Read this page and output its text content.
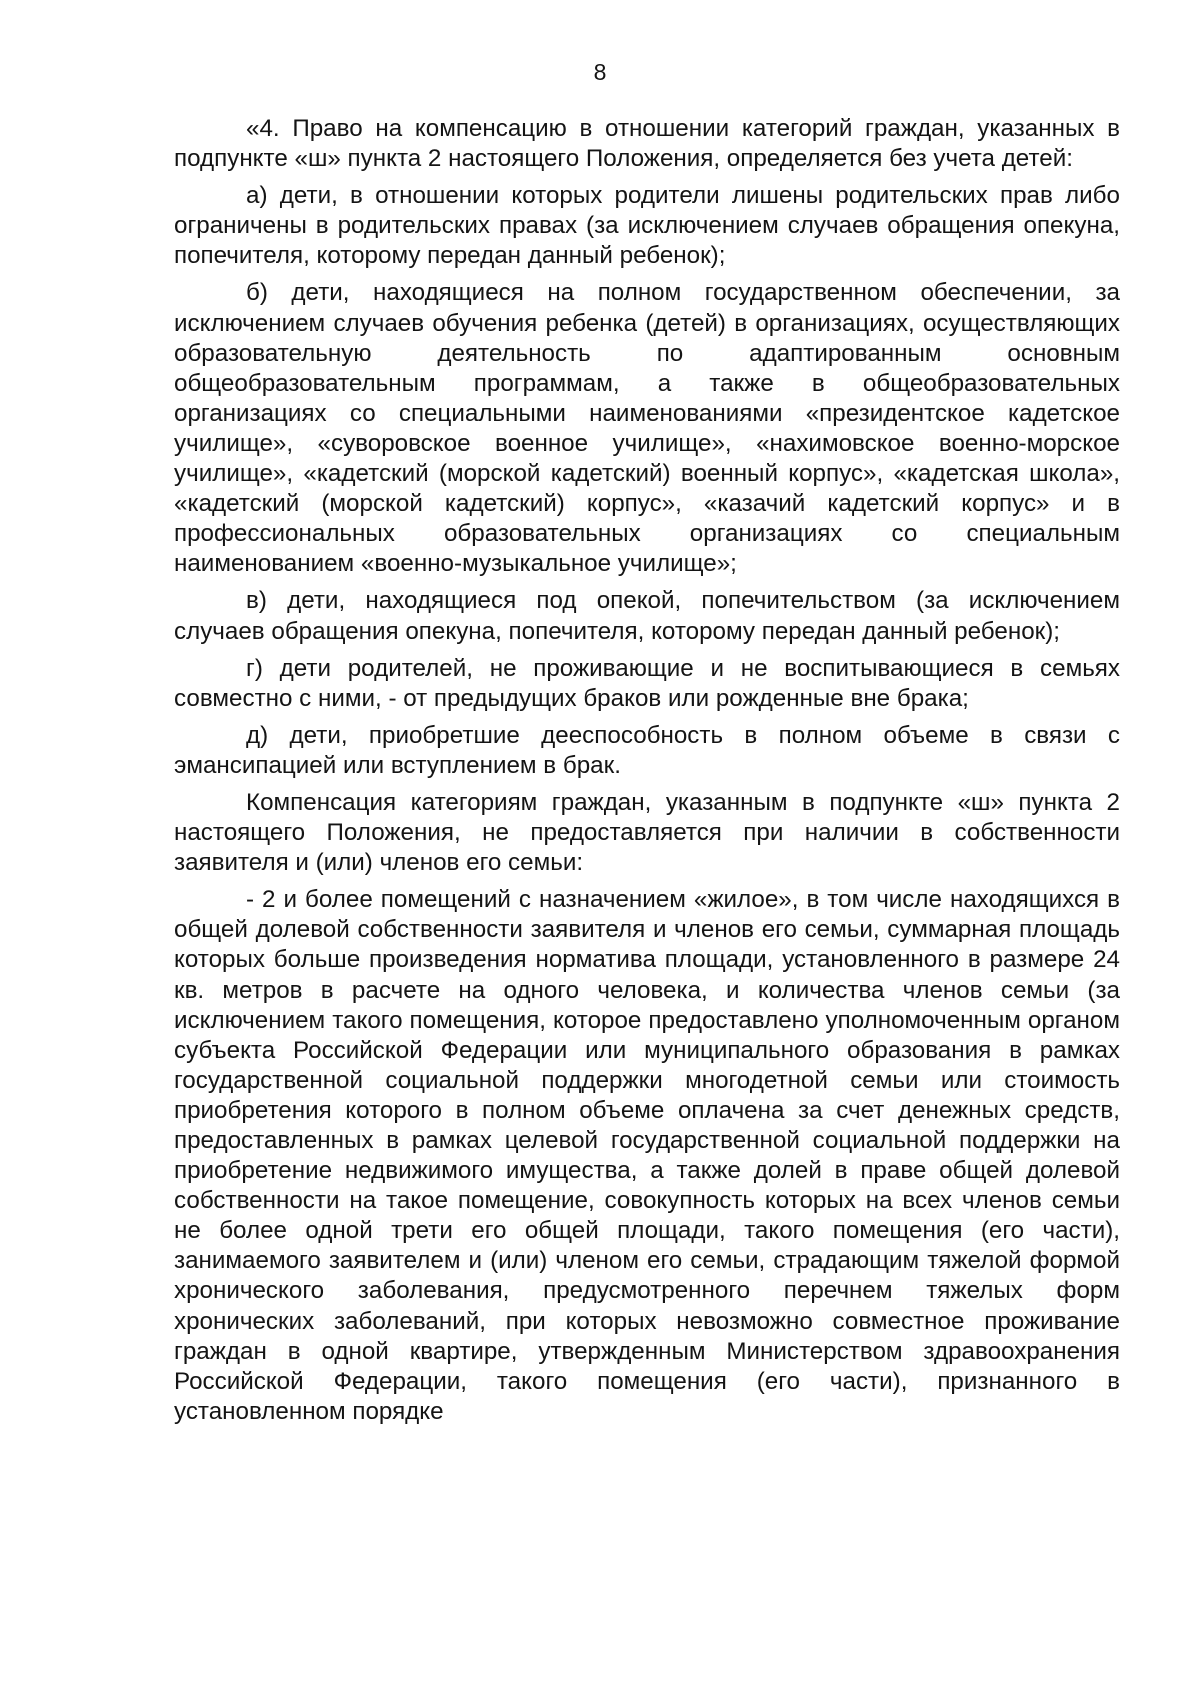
8

«4. Право на компенсацию в отношении категорий граждан, указанных в подпункте «ш» пункта 2 настоящего Положения, определяется без учета детей:

а) дети, в отношении которых родители лишены родительских прав либо ограничены в родительских правах (за исключением случаев обращения опекуна, попечителя, которому передан данный ребенок);

б) дети, находящиеся на полном государственном обеспечении, за исключением случаев обучения ребенка (детей) в организациях, осуществляющих образовательную деятельность по адаптированным основным общеобразовательным программам, а также в общеобразовательных организациях со специальными наименованиями «президентское кадетское училище», «суворовское военное училище», «нахимовское военно-морское училище», «кадетский (морской кадетский) военный корпус», «кадетская школа», «кадетский (морской кадетский) корпус», «казачий кадетский корпус» и в профессиональных образовательных организациях со специальным наименованием «военно-музыкальное училище»;

в) дети, находящиеся под опекой, попечительством (за исключением случаев обращения опекуна, попечителя, которому передан данный ребенок);

г) дети родителей, не проживающие и не воспитывающиеся в семьях совместно с ними, - от предыдущих браков или рожденные вне брака;

д) дети, приобретшие дееспособность в полном объеме в связи с эмансипацией или вступлением в брак.

Компенсация категориям граждан, указанным в подпункте «ш» пункта 2 настоящего Положения, не предоставляется при наличии в собственности заявителя и (или) членов его семьи:

- 2 и более помещений с назначением «жилое», в том числе находящихся в общей долевой собственности заявителя и членов его семьи, суммарная площадь которых больше произведения норматива площади, установленного в размере 24 кв. метров в расчете на одного человека, и количества членов семьи (за исключением такого помещения, которое предоставлено уполномоченным органом субъекта Российской Федерации или муниципального образования в рамках государственной социальной поддержки многодетной семьи или стоимость приобретения которого в полном объеме оплачена за счет денежных средств, предоставленных в рамках целевой государственной социальной поддержки на приобретение недвижимого имущества, а также долей в праве общей долевой собственности на такое помещение, совокупность которых на всех членов семьи не более одной трети его общей площади, такого помещения (его части), занимаемого заявителем и (или) членом его семьи, страдающим тяжелой формой хронического заболевания, предусмотренного перечнем тяжелых форм хронических заболеваний, при которых невозможно совместное проживание граждан в одной квартире, утвержденным Министерством здравоохранения Российской Федерации, такого помещения (его части), признанного в установленном порядке
